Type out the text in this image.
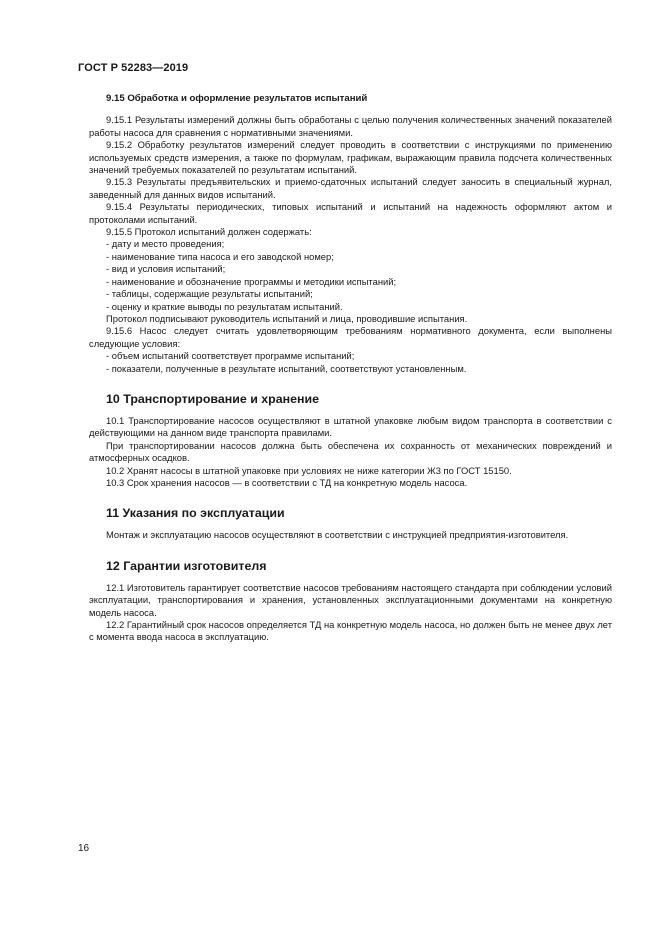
ГОСТ Р 52283—2019
9.15 Обработка и оформление результатов испытаний

9.15.1 Результаты измерений должны быть обработаны с целью получения количественных значений показателей работы насоса для сравнения с нормативными значениями.

9.15.2 Обработку результатов измерений следует проводить в соответствии с инструкциями по применению используемых средств измерения, а также по формулам, графикам, выражающим правила подсчета количественных значений требуемых показателей по результатам испытаний.

9.15.3 Результаты предъявительских и приемо-сдаточных испытаний следует заносить в специальный журнал, заведенный для данных видов испытаний.

9.15.4 Результаты периодических, типовых испытаний и испытаний на надежность оформляют актом и протоколами испытаний.

9.15.5 Протокол испытаний должен содержать:

- дату и место проведения;
- наименование типа насоса и его заводской номер;
- вид и условия испытаний;
- наименование и обозначение программы и методики испытаний;
- таблицы, содержащие результаты испытаний;
- оценку и краткие выводы по результатам испытаний.

Протокол подписывают руководитель испытаний и лица, проводившие испытания.

9.15.6 Насос следует считать удовлетворяющим требованиям нормативного документа, если выполнены следующие условия:

- объем испытаний соответствует программе испытаний;
- показатели, полученные в результате испытаний, соответствуют установленным.
10 Транспортирование и хранение

10.1 Транспортирование насосов осуществляют в штатной упаковке любым видом транспорта в соответствии с действующими на данном виде транспорта правилами.

При транспортировании насосов должна быть обеспечена их сохранность от механических повреждений и атмосферных осадков.

10.2 Хранят насосы в штатной упаковке при условиях не ниже категории Ж3 по ГОСТ 15150.

10.3 Срок хранения насосов — в соответствии с ТД на конкретную модель насоса.

11 Указания по эксплуатации

Монтаж и эксплуатацию насосов осуществляют в соответствии с инструкцией предприятия-изготовителя.

12 Гарантии изготовителя

12.1 Изготовитель гарантирует соответствие насосов требованиям настоящего стандарта при соблюдении условий эксплуатации, транспортирования и хранения, установленных эксплуатационными документами на конкретную модель насоса.

12.2 Гарантийный срок насосов определяется ТД на конкретную модель насоса, но должен быть не менее двух лет с момента ввода насоса в эксплуатацию.

16
